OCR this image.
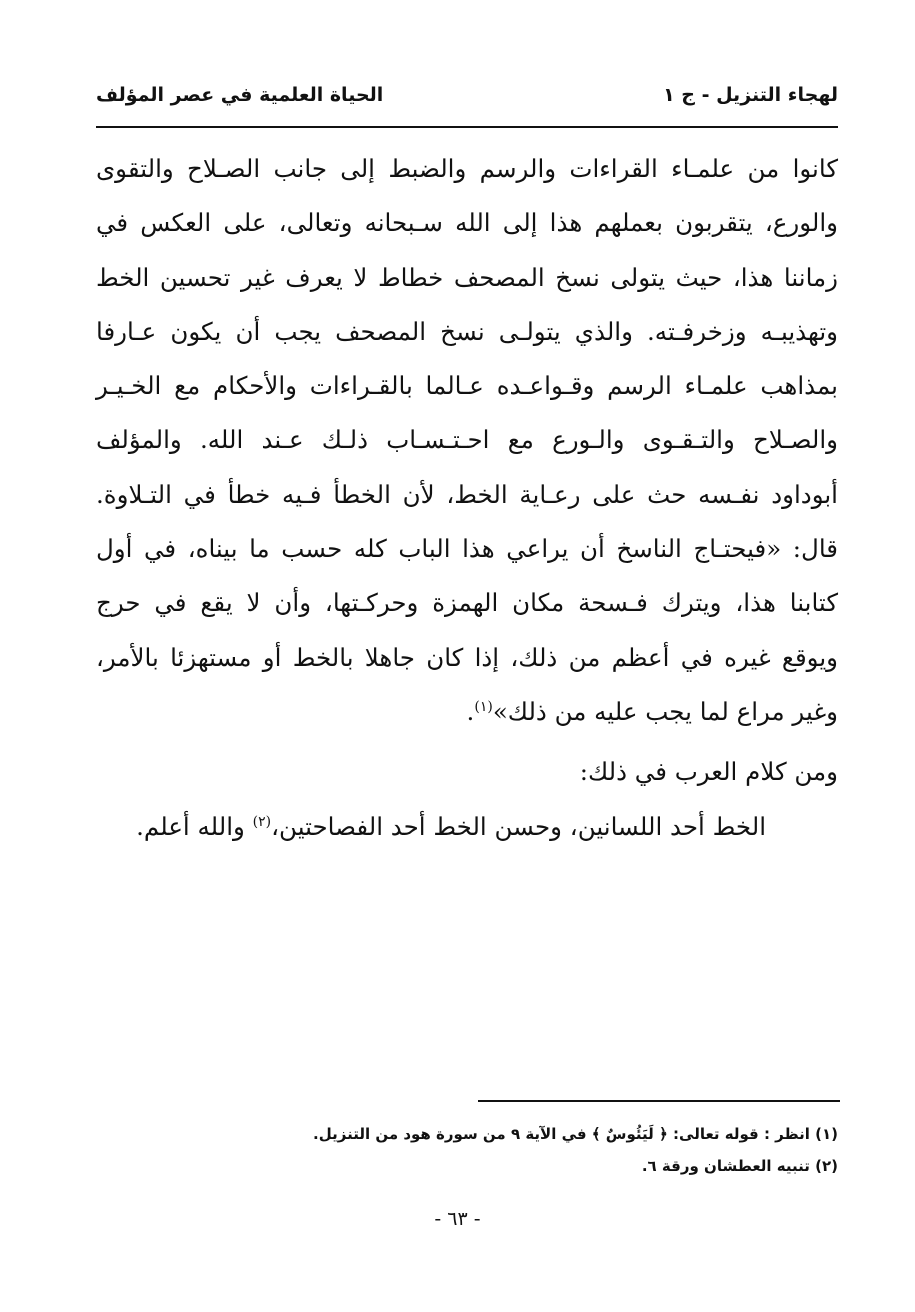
لهجاء التنزيل - ج ١
الحياة العلمية في عصر المؤلف

كانوا من علمـاء القراءات والرسم والضبط إلى جانب الصـلاح والتقوى

والورع، يتقربون بعملهم هذا إلى الله سـبحانه وتعالى، على العكس في

زماننا هذا، حيث يتولى نسخ المصحف خطاط لا يعرف غير تحسين الخط

وتهذيبـه وزخرفـته. والذي يتولـى نسخ المصحف يجب أن يكون عـارفا

بمذاهب علمـاء الرسم وقـواعـده عـالما بالقـراءات والأحكام مع الخـيـر

والصـلاح والتـقـوى والـورع مع احـتـسـاب ذلـك عـند الله. والمؤلف

أبوداود نفـسه حث على رعـاية الخط، لأن الخطأ فـيه خطأ في التـلاوة.

قال: «فيحتـاج الناسخ أن يراعي هذا الباب كله حسب ما بيناه، في أول

كتابنا هذا، ويترك فـسحة مكان الهمزة وحركـتها، وأن لا يقع في حرج

ويوقع غيره في أعظم من ذلك، إذا كان جاهلا بالخط أو مستهزئا بالأمر،

وغير مراع لما يجب عليه من ذلك»$^{(١)}$.

ومن كلام العرب في ذلك:

الخط أحد اللسانين، وحسن الخط أحد الفصاحتين،$^{(٢)}$ والله أعلم.

(١) انظر : قوله تعالى: ﴿ لَيَئُوسٌ ﴾ في الآية ٩ من سورة هود من التنزيل.
(٢) تنبيه العطشان ورقة ٦.
- ٦٣ -
